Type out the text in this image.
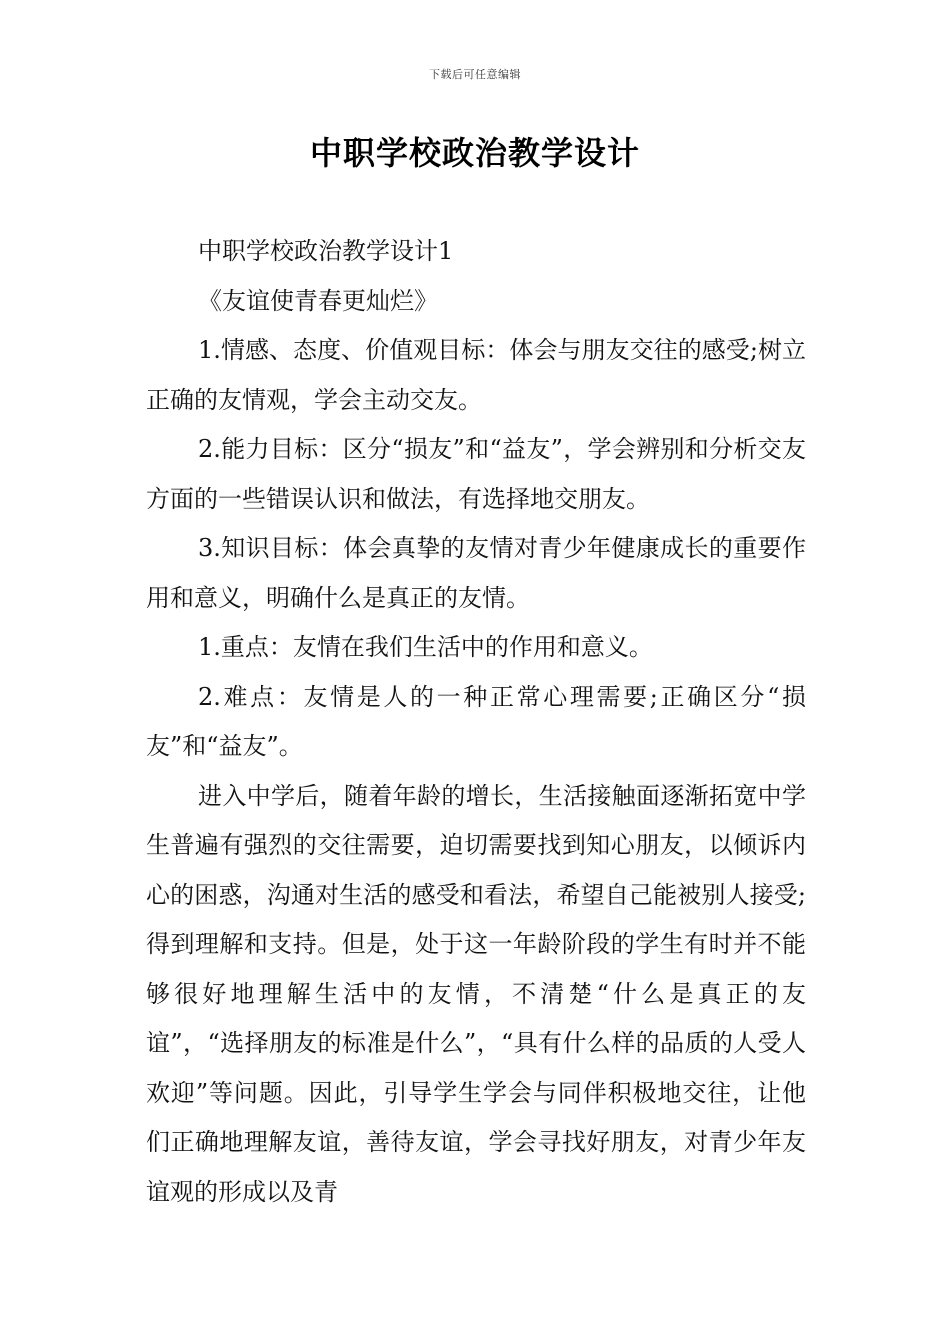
下载后可任意编辑
中职学校政治教学设计

中职学校政治教学设计1

《友谊使青春更灿烂》

1.情感、态度、价值观目标：体会与朋友交往的感受;树立正确的友情观，学会主动交友。

2.能力目标：区分“损友”和“益友”，学会辨别和分析交友方面的一些错误认识和做法，有选择地交朋友。

3.知识目标：体会真挚的友情对青少年健康成长的重要作用和意义，明确什么是真正的友情。

1.重点：友情在我们生活中的作用和意义。

2.难点：友情是人的一种正常心理需要;正确区分“损友”和“益友”。

进入中学后，随着年龄的增长，生活接触面逐渐拓宽中学生普遍有强烈的交往需要，迫切需要找到知心朋友，以倾诉内心的困惑，沟通对生活的感受和看法，希望自己能被别人接受;得到理解和支持。但是，处于这一年龄阶段的学生有时并不能够很好地理解生活中的友情，不清楚“什么是真正的友谊”，“选择朋友的标准是什么”，“具有什么样的品质的人受人欢迎”等问题。因此，引导学生学会与同伴积极地交往，让他们正确地理解友谊，善待友谊，学会寻找好朋友，对青少年友谊观的形成以及青
